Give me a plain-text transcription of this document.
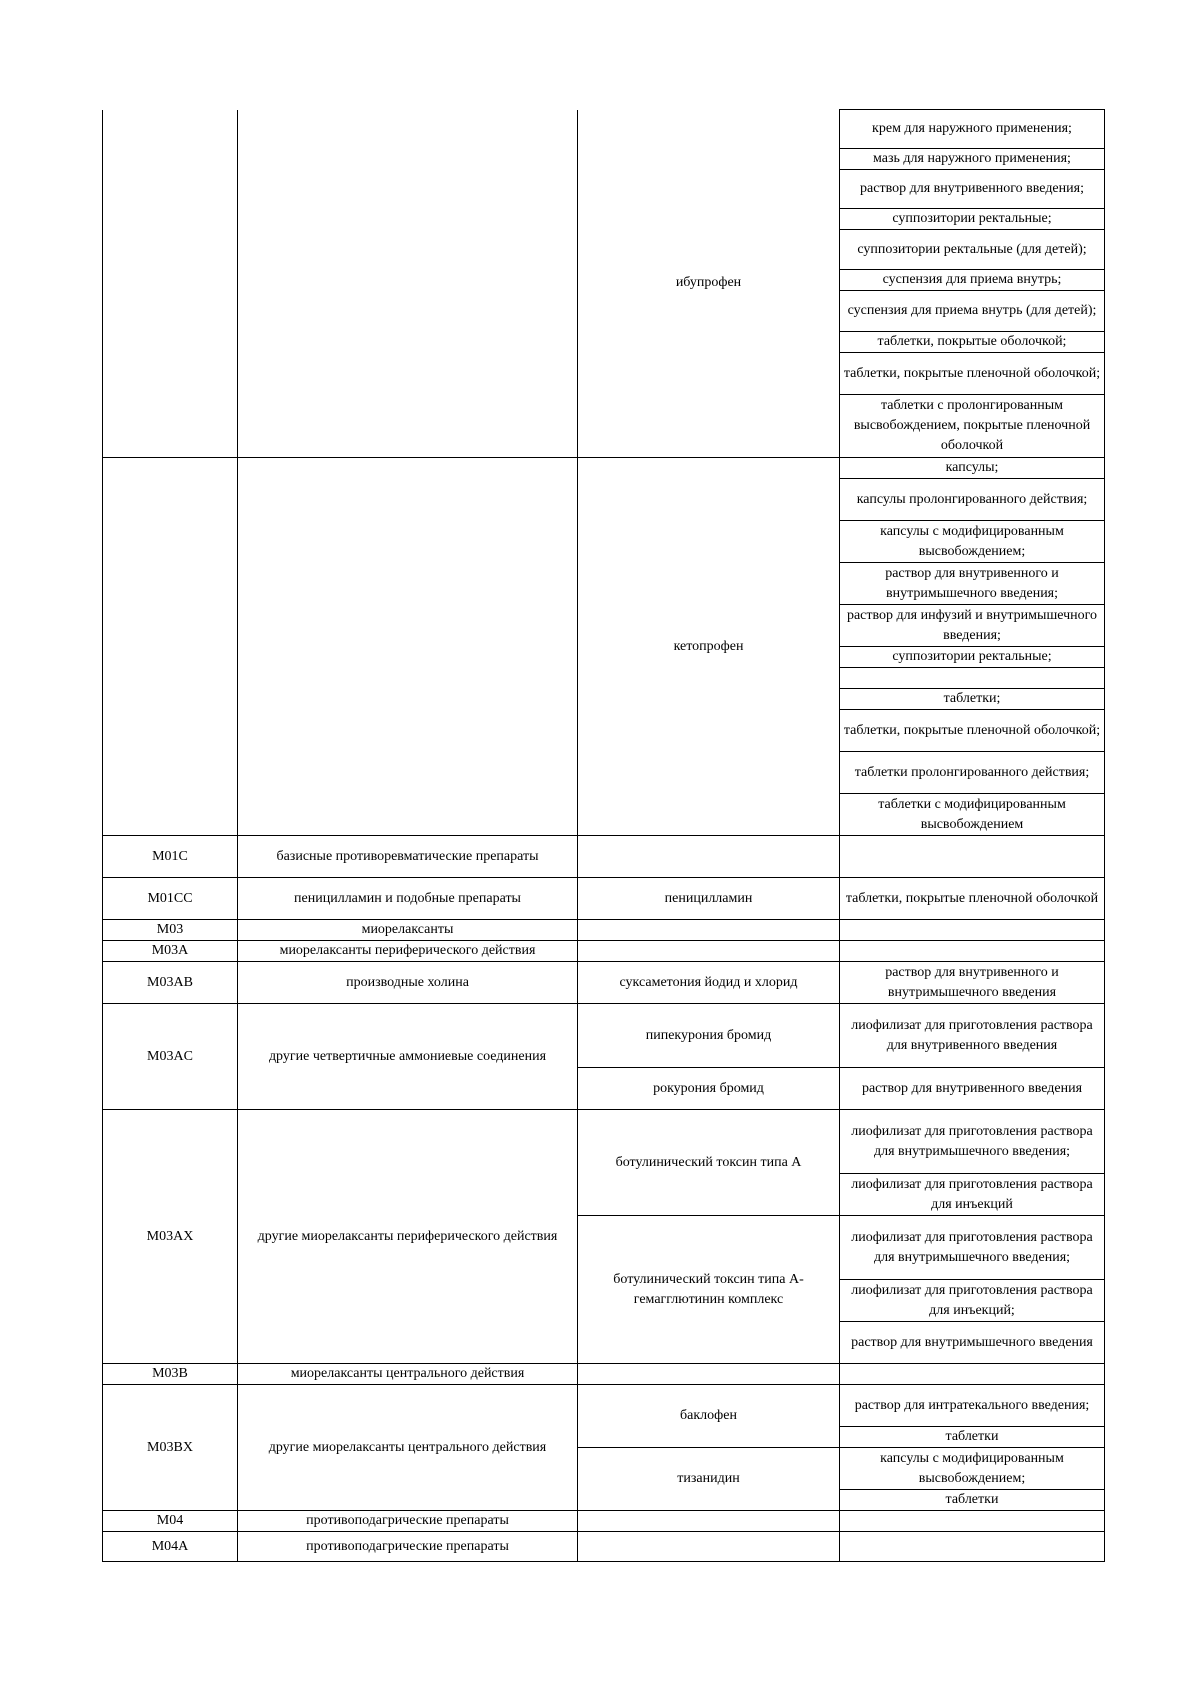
		ибупрофен	крем для наружного применения;
			мазь для наружного применения;
			раствор для внутривенного введения;
			суппозитории ректальные;
			суппозитории ректальные (для детей);
			суспензия для приема внутрь;
			суспензия для приема внутрь (для детей);
			таблетки, покрытые оболочкой;
			таблетки, покрытые пленочной оболочкой;
			таблетки с пролонгированным высвобождением, покрытые пленочной оболочкой
		кетопрофен	капсулы;
			капсулы пролонгированного действия;
			капсулы с модифицированным высвобождением;
			раствор для внутривенного и внутримышечного введения;
			раствор для инфузий и внутримышечного введения;
			суппозитории ректальные;

			таблетки;
			таблетки, покрытые пленочной оболочкой;
			таблетки пролонгированного действия;
			таблетки с модифицированным высвобождением
M01C	базисные противоревматические препараты		
M01CC	пеницилламин и подобные препараты	пеницилламин	таблетки, покрытые пленочной оболочкой
M03	миорелаксанты		
M03A	миорелаксанты периферического действия		
M03AB	производные холина	суксаметония йодид и хлорид	раствор для внутривенного и внутримышечного введения
M03AC	другие четвертичные аммониевые соединения	пипекурония бромид	лиофилизат для приготовления раствора для внутривенного введения
		рокурония бромид	раствор для внутривенного введения
M03AX	другие миорелаксанты периферического действия	ботулинический токсин типа A	лиофилизат для приготовления раствора для внутримышечного введения;
			лиофилизат для приготовления раствора для инъекций
		ботулинический токсин типа A-гемагглютинин комплекс	лиофилизат для приготовления раствора для внутримышечного введения;
			лиофилизат для приготовления раствора для инъекций;
			раствор для внутримышечного введения
M03B	миорелаксанты центрального действия		
M03BX	другие миорелаксанты центрального действия	баклофен	раствор для интратекального введения;
			таблетки
		тизанидин	капсулы с модифицированным высвобождением;
			таблетки
M04	противоподагрические препараты		
M04A	противоподагрические препараты		
